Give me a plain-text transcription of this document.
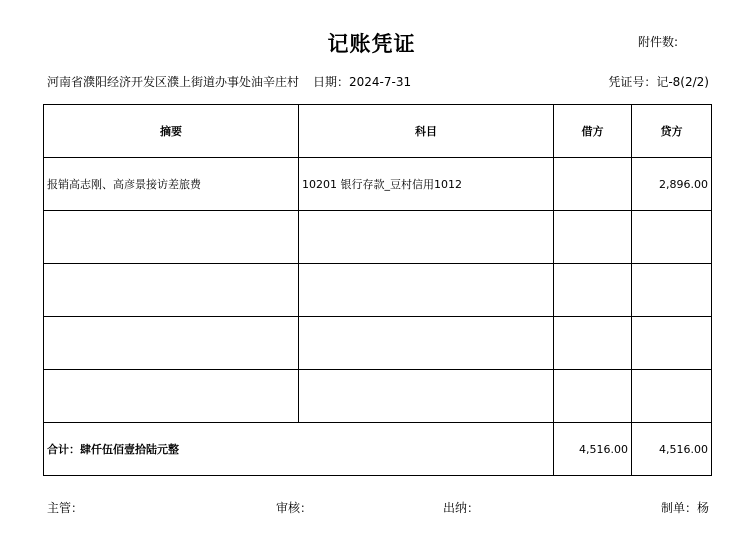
记账凭证	附件数:
河南省濮阳经济开发区濮上街道办事处油辛庄村 日期：2024-7-31	凭证号：记-8(2/2)
摘要	科目	借方	贷方
报销高志刚、高彦景接访差旅费	10201 银行存款_豆村信用1012		2,896.00

合计：肆仟伍佰壹拾陆元整		4,516.00	4,516.00
主管：	审核：	出纳：	制单：杨
